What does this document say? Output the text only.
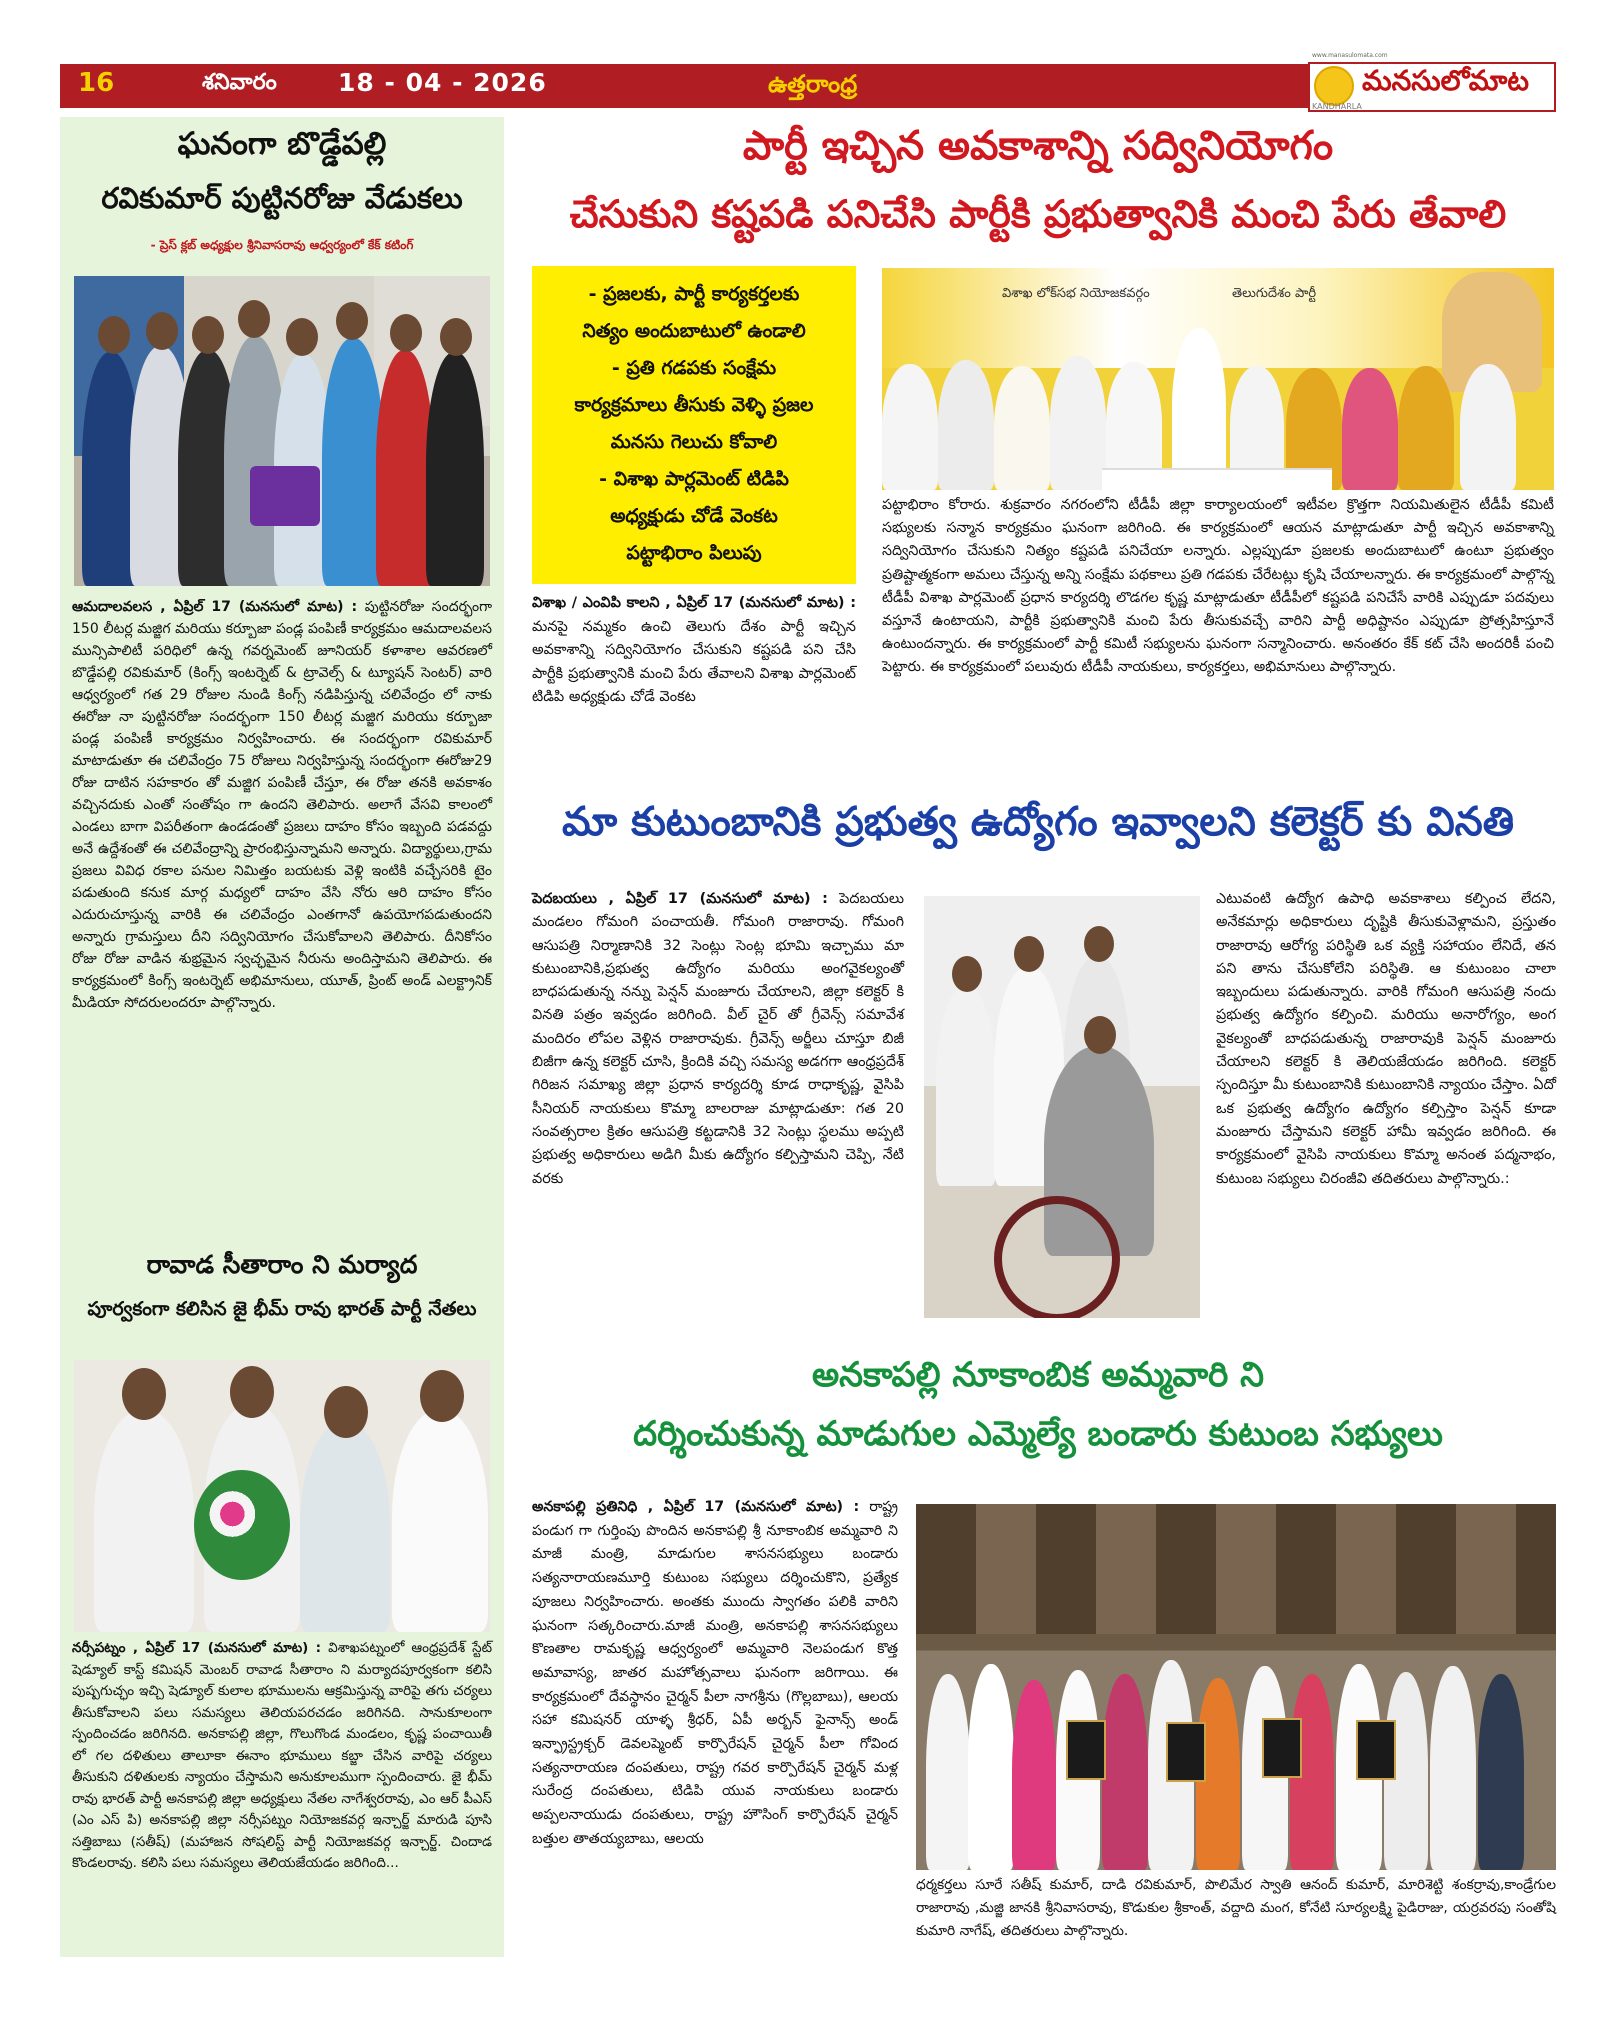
16	శనివారం 18 - 04 - 2026	ఉత్తరాంధ్ర	మనసులోమాట
KANDHARLA
www.manasulomata.com
ఘనంగా బొడ్డేపల్లి
రవికుమార్ పుట్టినరోజు వేడుకలు
- ప్రెస్ క్లబ్ అధ్యక్షుల శ్రీనివాసరావు ఆధ్వర్యంలో కేక్ కటింగ్
ఆమదాలవలస , ఏప్రిల్ 17 (మనసులో మాట) : పుట్టినరోజు సందర్భంగా 150 లీటర్ల మజ్జిగ మరియు కర్బూజా పండ్ల పంపిణీ కార్యక్రమం ఆమదాలవలస మున్సిపాలిటీ పరిధిలో ఉన్న గవర్నమెంట్ జూనియర్ కళాశాల ఆవరణలో బొడ్డేపల్లి రవికుమార్ (కింగ్స్ ఇంటర్నెట్ & ట్రావెల్స్ & ట్యూషన్ సెంటర్) వారి ఆధ్వర్యంలో గత 29 రోజుల నుండి కింగ్స్ నడిపిస్తున్న చలివేంద్రం లో నాకు ఈరోజు నా పుట్టినరోజు సందర్భంగా 150 లీటర్ల మజ్జిగ మరియు కర్బూజా పండ్ల పంపిణీ కార్యక్రమం నిర్వహించారు. ఈ సందర్భంగా రవికుమార్ మాటాడుతూ ఈ చలివేంద్రం 75 రోజులు నిర్వహిస్తున్న సందర్భంగా ఈరోజు29 రోజు దాటిన సహకారం తో మజ్జిగ పంపిణీ చేస్తూ, ఈ రోజు తనకి అవకాశం వచ్చినదుకు ఎంతో సంతోషం గా ఉందని తెలిపారు. అలాగే వేసవి కాలంలో ఎండలు బాగా విపరీతంగా ఉండడంతో ప్రజలు దాహం కోసం ఇబ్బంది పడవద్దు అనే ఉద్దేశంతో ఈ చలివేంద్రాన్ని ప్రారంభిస్తున్నామని అన్నారు. విద్యార్థులు,గ్రామ ప్రజలు వివిధ రకాల పనుల నిమిత్తం బయటకు వెళ్లి ఇంటికి వచ్చేసరికి టైం పడుతుంది కనుక మార్గ మధ్యలో దాహం వేసి నోరు ఆరి దాహం కోసం ఎదురుచూస్తున్న వారికి ఈ చలివేంద్రం ఎంతగానో ఉపయోగపడుతుందని అన్నారు గ్రామస్తులు దీని సద్వినియోగం చేసుకోవాలని తెలిపారు. దీనికోసం రోజు రోజు వాడిన శుభ్రమైన స్వచ్ఛమైన నీరును అందిస్తామని తెలిపారు. ఈ కార్యక్రమంలో కింగ్స్ ఇంటర్నెట్ అభిమానులు, యూత్, ప్రింట్ అండ్ ఎలక్ట్రానిక్ మీడియా సోదరులందరూ పాల్గొన్నారు.
రావాడ సీతారాం ని మర్యాద
పూర్వకంగా కలిసిన జై భీమ్ రావు భారత్ పార్టీ నేతలు
నర్సీపట్నం , ఏప్రిల్ 17 (మనసులో మాట) : విశాఖపట్నంలో ఆంధ్రప్రదేశ్ స్టేట్ షెడ్యూల్ కాస్ట్ కమిషన్ మెంబర్ రావాడ సీతారాం ని మర్యాదపూర్వకంగా కలిసి పుష్పగుచ్ఛం ఇచ్చి షెడ్యూల్ కులాల భూములను ఆక్రమిస్తున్న వారిపై తగు చర్యలు తీసుకోవాలని పలు సమస్యలు తెలియపరచడం జరిగినది. సానుకూలంగా స్పందించడం జరిగినది. అనకాపల్లి జిల్లా, గొలుగొండ మండలం, కృష్ణ పంచాయితీ లో గల దళితులు తాలూకా ఈనాం భూములు కబ్జా చేసిన వారిపై చర్యలు తీసుకుని దళితులకు న్యాయం చేస్తామని అనుకూలముగా స్పందించారు. జై భీమ్ రావు భారత్ పార్టీ అనకాపల్లి జిల్లా అధ్యక్షులు నేతల నాగేశ్వరరావు, ఎం ఆర్ పీఎస్ (ఎం ఎస్ పి) అనకాపల్లి జిల్లా నర్సీపట్నం నియోజకవర్గ ఇన్చార్జ్ మారుడి పూసి సత్తిబాబు (సతీష్) (మహాజన సోషలిస్ట్ పార్టీ నియోజకవర్గ ఇన్చార్జ్. చిందాడ కొండలరావు. కలిసి పలు సమస్యలు తెలియజేయడం జరిగింది...
పార్టీ ఇచ్చిన అవకాశాన్ని సద్వినియోగం
చేసుకుని కష్టపడి పనిచేసి పార్టీకి ప్రభుత్వానికి మంచి పేరు తేవాలి
- ప్రజలకు, పార్టీ కార్యకర్తలకు
నిత్యం అందుబాటులో ఉండాలి
- ప్రతి గడపకు సంక్షేమ
కార్యక్రమాలు తీసుకు వెళ్ళి ప్రజల
మనసు గెలుచు కోవాలి
- విశాఖ పార్లమెంట్ టిడిపి
అధ్యక్షుడు చోడే వెంకట
పట్టాభిరాం పిలుపు
విశాఖ / ఎంవిపి కాలని , ఏప్రిల్ 17 (మనసులో మాట) : మనపై నమ్మకం ఉంచి తెలుగు దేశం పార్టీ ఇచ్చిన అవకాశాన్ని సద్వినియోగం చేసుకుని కష్టపడి పని చేసి పార్టీకి ప్రభుత్వానికి మంచి పేరు తేవాలని విశాఖ పార్లమెంట్ టిడిపి అధ్యక్షుడు చోడే వెంకట
విశాఖ లోక్‌సభ నియోజకవర్గం	తెలుగుదేశం పార్టీ
పట్టాభిరాం కోరారు. శుక్రవారం నగరంలోని టీడీపీ జిల్లా కార్యాలయంలో ఇటీవల క్రొత్తగా నియమితులైన టీడీపీ కమిటీ సభ్యులకు సన్మాన కార్యక్రమం ఘనంగా జరిగింది. ఈ కార్యక్రమంలో ఆయన మాట్లాడుతూ పార్టీ ఇచ్చిన అవకాశాన్ని సద్వినియోగం చేసుకుని నిత్యం కష్టపడి పనిచేయా లన్నారు. ఎల్లప్పుడూ ప్రజలకు అందుబాటులో ఉంటూ ప్రభుత్వం ప్రతిష్టాత్మకంగా అమలు చేస్తున్న అన్ని సంక్షేమ పథకాలు ప్రతి గడపకు చేరేటట్లు కృషి చేయాలన్నారు. ఈ కార్యక్రమంలో పాల్గొన్న టీడీపీ విశాఖ పార్లమెంట్ ప్రధాన కార్యదర్శి లొడగల కృష్ణ మాట్లాడుతూ టీడీపీలో కష్టపడి పనిచేసే వారికి ఎప్పుడూ పదవులు వస్తూనే ఉంటాయని, పార్టీకి ప్రభుత్వానికి మంచి పేరు తీసుకువచ్చే వారిని పార్టీ అధిష్టానం ఎప్పుడూ ప్రోత్సహిస్తూనే ఉంటుందన్నారు. ఈ కార్యక్రమంలో పార్టీ కమిటీ సభ్యులను ఘనంగా సన్మానించారు. అనంతరం కేక్ కట్ చేసి అందరికీ పంచి పెట్టారు. ఈ కార్యక్రమంలో పలువురు టీడీపీ నాయకులు, కార్యకర్తలు, అభిమానులు పాల్గొన్నారు.
మా కుటుంబానికి ప్రభుత్వ ఉద్యోగం ఇవ్వాలని కలెక్టర్ కు వినతి
పెదబయలు , ఏప్రిల్ 17 (మనసులో మాట) : పెదబయలు మండలం గోమంగి పంచాయతీ. గోమంగి రాజారావు. గోమంగి ఆసుపత్రి నిర్మాణానికి 32 సెంట్లు సెంట్ల భూమి ఇచ్చాము మా కుటుంబానికి,ప్రభుత్వ ఉద్యోగం మరియు అంగవైకల్యంతో బాధపడుతున్న నన్ను పెన్షన్ మంజూరు చేయాలని, జిల్లా కలెక్టర్ కి వినతి పత్రం ఇవ్వడం జరిగింది. వీల్ చైర్ తో గ్రీవెన్స్ సమావేశ మందిరం లోపల వెళ్లిన రాజారావుకు. గ్రీవెన్స్ అర్జీలు చూస్తూ బిజీ బిజీగా ఉన్న కలెక్టర్ చూసి, క్రిందికి వచ్చి సమస్య అడగగా ఆంధ్రప్రదేశ్ గిరిజన సమాఖ్య జిల్లా ప్రధాన కార్యదర్శి కూడ రాధాకృష్ణ, వైసిపి సీనియర్ నాయకులు కొమ్మా బాలరాజు మాట్లాడుతూ: గత 20 సంవత్సరాల క్రితం ఆసుపత్రి కట్టడానికి 32 సెంట్లు స్థలము అప్పటి ప్రభుత్వ అధికారులు అడిగి మీకు ఉద్యోగం కల్పిస్తామని చెప్పి, నేటి వరకు
ఎటువంటి ఉద్యోగ ఉపాధి అవకాశాలు కల్పించ లేదని, అనేకమార్లు అధికారులు దృష్టికి తీసుకువెళ్లామని, ప్రస్తుతం రాజారావు ఆరోగ్య పరిస్థితి ఒక వ్యక్తి సహాయం లేనిదే, తన పని తాను చేసుకోలేని పరిస్థితి. ఆ కుటుంబం చాలా ఇబ్బందులు పడుతున్నారు. వారికి గోమంగి ఆసుపత్రి నందు ప్రభుత్వ ఉద్యోగం కల్పించి. మరియు అనారోగ్యం, అంగ వైకల్యంతో బాధపడుతున్న రాజారావుకి పెన్షన్ మంజూరు చేయాలని కలెక్టర్ కి తెలియజేయడం జరిగింది. కలెక్టర్ స్పందిస్తూ మీ కుటుంబానికి కుటుంబానికి న్యాయం చేస్తాం. ఏదో ఒక ప్రభుత్వ ఉద్యోగం ఉద్యోగం కల్పిస్తాం పెన్షన్ కూడా మంజూరు చేస్తామని కలెక్టర్ హామీ ఇవ్వడం జరిగింది. ఈ కార్యక్రమంలో వైసిపి నాయకులు కొమ్మా అనంత పద్మనాభం, కుటుంబ సభ్యులు చిరంజీవి తదితరులు పాల్గొన్నారు.:
అనకాపల్లి నూకాంబిక అమ్మవారి ని
దర్శించుకున్న మాడుగుల ఎమ్మెల్యే బండారు కుటుంబ సభ్యులు
అనకాపల్లి ప్రతినిధి , ఏప్రిల్ 17 (మనసులో మాట) : రాష్ట్ర పండుగ గా గుర్తింపు పొందిన అనకాపల్లి శ్రీ నూకాంబిక అమ్మవారి ని మాజీ మంత్రి, మాడుగుల శాసనసభ్యులు బండారు సత్యనారాయణమూర్తి కుటుంబ సభ్యులు దర్శించుకొని, ప్రత్యేక పూజలు నిర్వహించారు. అంతకు ముందు స్వాగతం పలికి వారిని ఘనంగా సత్కరించారు.మాజీ మంత్రి, అనకాపల్లి శాసనసభ్యులు కొణతాల రామకృష్ణ ఆధ్వర్యంలో అమ్మవారి నెలపండుగ కొత్త అమావాస్య, జాతర మహోత్సవాలు ఘనంగా జరిగాయి. ఈ కార్యక్రమంలో దేవస్థానం చైర్మన్ పీలా నాగశ్రీను (గొల్లబాబు), ఆలయ సహా కమిషనర్ యాళ్ళ శ్రీధర్, ఏపీ అర్బన్ ఫైనాన్స్ అండ్ ఇన్ఫ్రాస్ట్రక్చర్ డెవలప్మెంట్ కార్పొరేషన్ చైర్మన్ పీలా గోవింద సత్యనారాయణ దంపతులు, రాష్ట్ర గవర కార్పొరేషన్ చైర్మన్ మళ్ల సురేంద్ర దంపతులు, టిడిపి యువ నాయకులు బండారు అప్పలనాయుడు దంపతులు, రాష్ట్ర హౌసింగ్ కార్పొరేషన్ చైర్మన్ బత్తుల తాతయ్యబాబు, ఆలయ
ధర్మకర్తలు సూరే సతీష్ కుమార్, దాడి రవికుమార్, పొలిమేర స్వాతి ఆనంద్ కుమార్, మారిశెట్టి శంకర్రావు,కాండ్రేగుల రాజారావు ,మజ్జి జానకి శ్రీనివాసరావు, కొడుకుల శ్రీకాంత్, వద్దాది మంగ, కోనేటి సూర్యలక్ష్మి పైడిరాజు, యర్రవరపు సంతోషి కుమారి నాగేష్, తదితరులు పాల్గొన్నారు.
